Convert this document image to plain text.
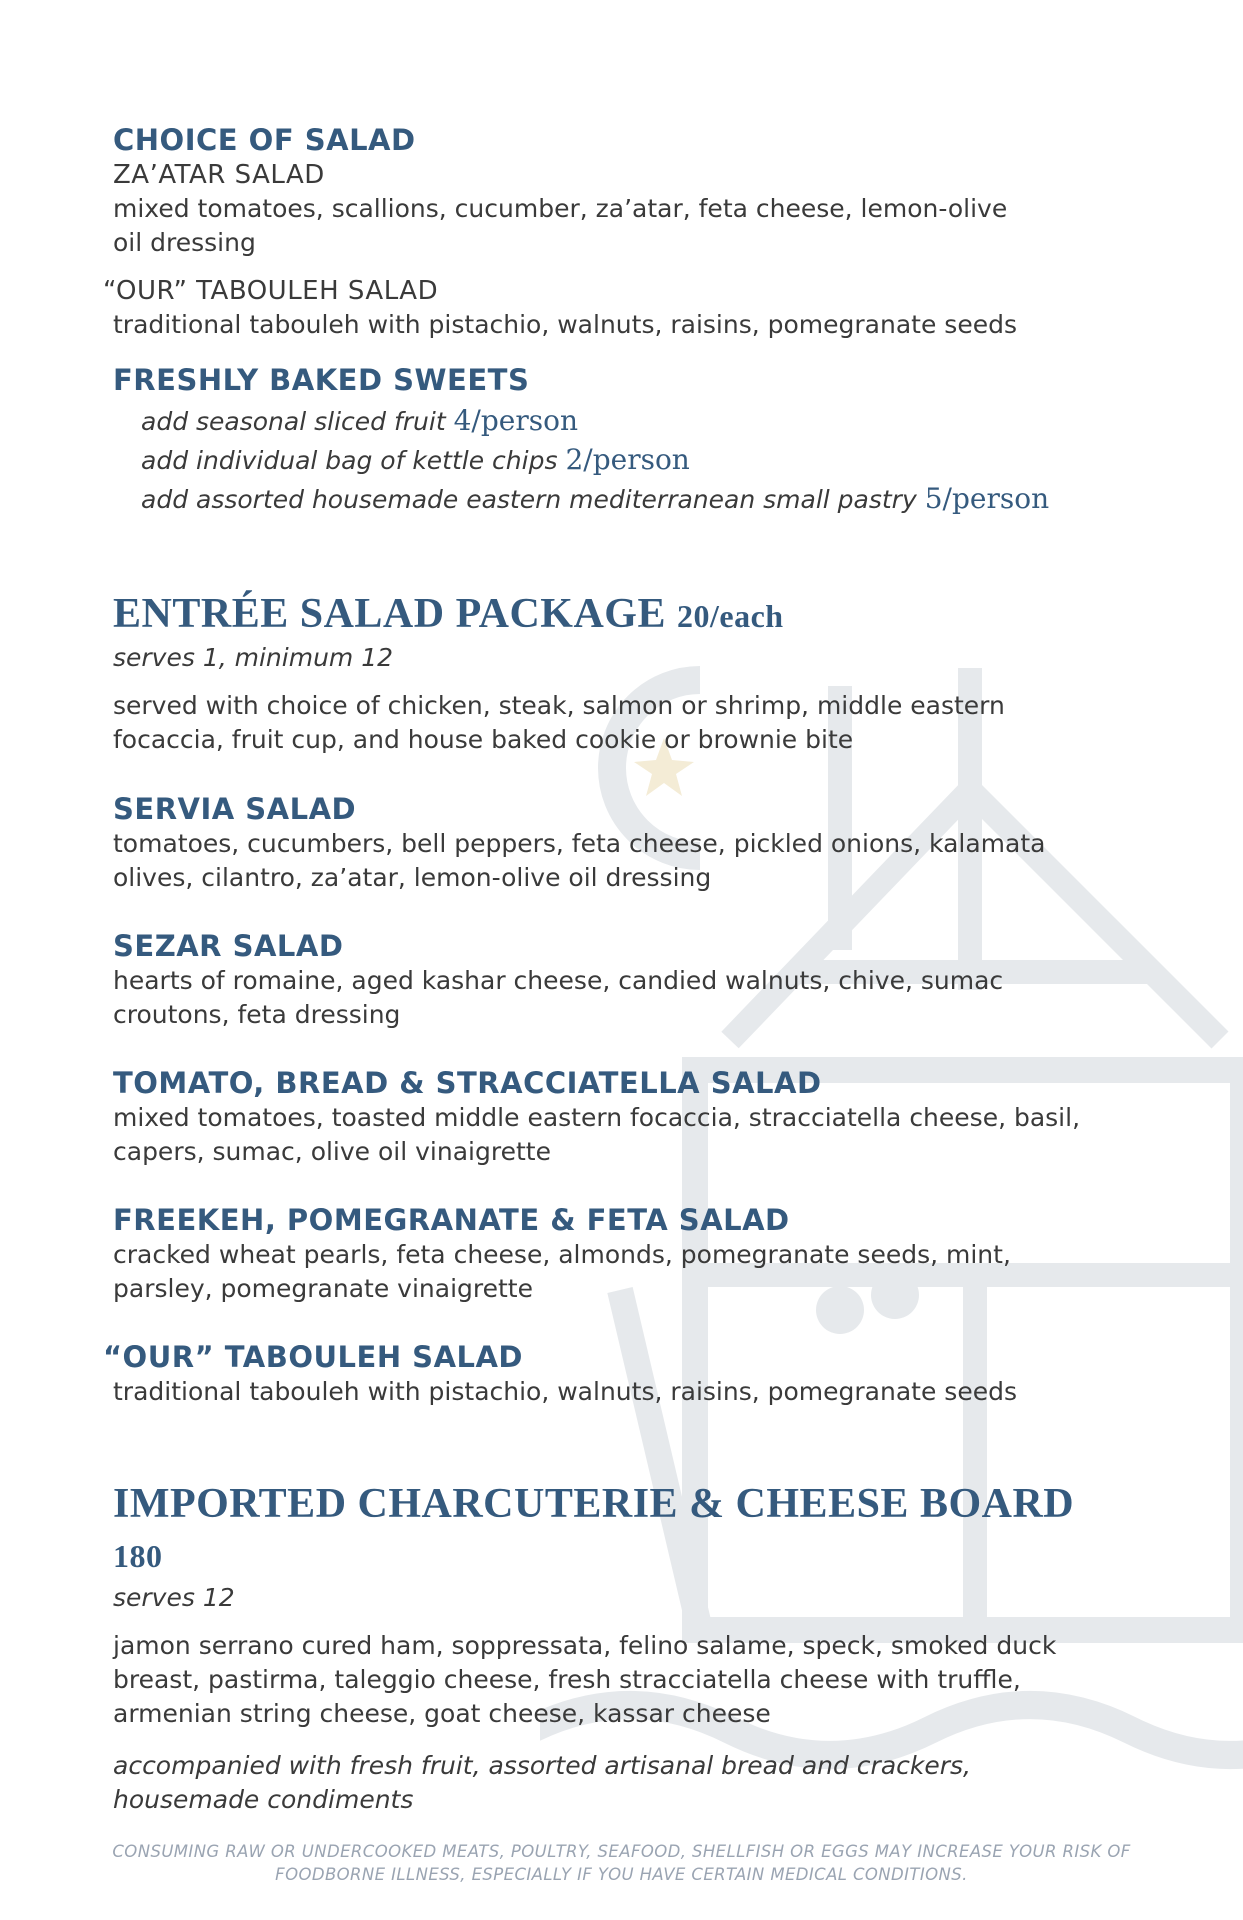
CHOICE OF SALAD

ZA’ATAR SALAD

mixed tomatoes, scallions, cucumber, za’atar, feta cheese, lemon-olive oil dressing

“OUR” TABOULEH SALAD

traditional tabouleh with pistachio, walnuts, raisins, pomegranate seeds

FRESHLY BAKED SWEETS

add seasonal sliced fruit 4/person

add individual bag of kettle chips 2/person

add assorted housemade eastern mediterranean small pastry 5/person

ENTRÉE SALAD PACKAGE 20/each

serves 1, minimum 12

served with choice of chicken, steak, salmon or shrimp, middle eastern focaccia, fruit cup, and house baked cookie or brownie bite

SERVIA SALAD

tomatoes, cucumbers, bell peppers, feta cheese, pickled onions, kalamata olives, cilantro, za’atar, lemon-olive oil dressing

SEZAR SALAD

hearts of romaine, aged kashar cheese, candied walnuts, chive, sumac croutons, feta dressing

TOMATO, BREAD & STRACCIATELLA SALAD

mixed tomatoes, toasted middle eastern focaccia, stracciatella cheese, basil, capers, sumac, olive oil vinaigrette

FREEKEH, POMEGRANATE & FETA SALAD

cracked wheat pearls, feta cheese, almonds, pomegranate seeds, mint, parsley, pomegranate vinaigrette

“OUR” TABOULEH SALAD

traditional tabouleh with pistachio, walnuts, raisins, pomegranate seeds

IMPORTED CHARCUTERIE & CHEESE BOARD 180

serves 12

jamon serrano cured ham, soppressata, felino salame, speck, smoked duck breast, pastirma, taleggio cheese, fresh stracciatella cheese with truffle, armenian string cheese, goat cheese, kassar cheese

accompanied with fresh fruit, assorted artisanal bread and crackers, housemade condiments

CONSUMING RAW OR UNDERCOOKED MEATS, POULTRY, SEAFOOD, SHELLFISH OR EGGS MAY INCREASE YOUR RISK OF FOODBORNE ILLNESS, ESPECIALLY IF YOU HAVE CERTAIN MEDICAL CONDITIONS.
